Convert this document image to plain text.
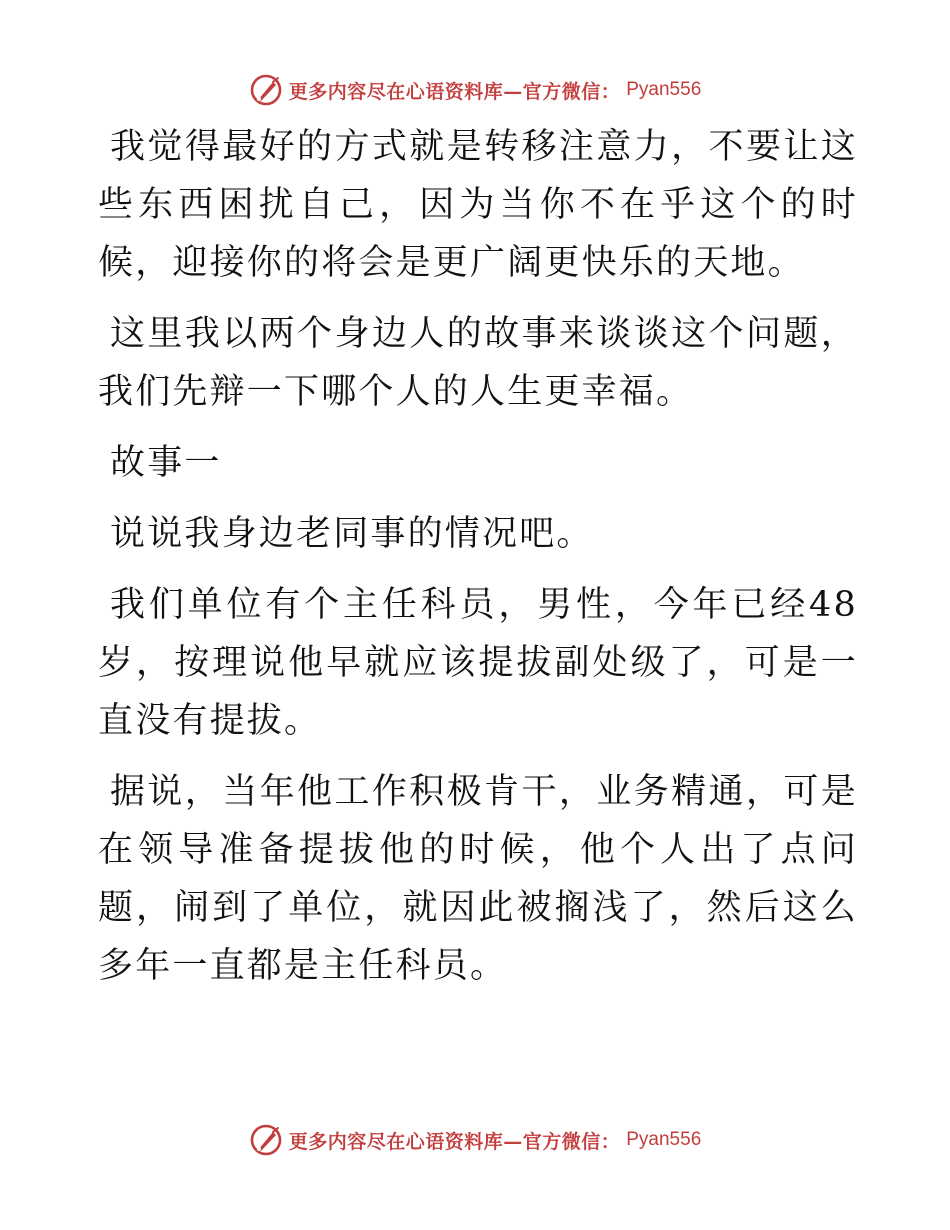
更多内容尽在心语资料库—官方微信： Pyan556

我觉得最好的方式就是转移注意力，不要让这些东西困扰自己，因为当你不在乎这个的时候，迎接你的将会是更广阔更快乐的天地。

这里我以两个身边人的故事来谈谈这个问题，我们先辩一下哪个人的人生更幸福。

故事一

说说我身边老同事的情况吧。

我们单位有个主任科员，男性，今年已经48岁，按理说他早就应该提拔副处级了，可是一直没有提拔。

据说，当年他工作积极肯干，业务精通，可是在领导准备提拔他的时候，他个人出了点问题，闹到了单位，就因此被搁浅了，然后这么多年一直都是主任科员。

更多内容尽在心语资料库—官方微信： Pyan556
